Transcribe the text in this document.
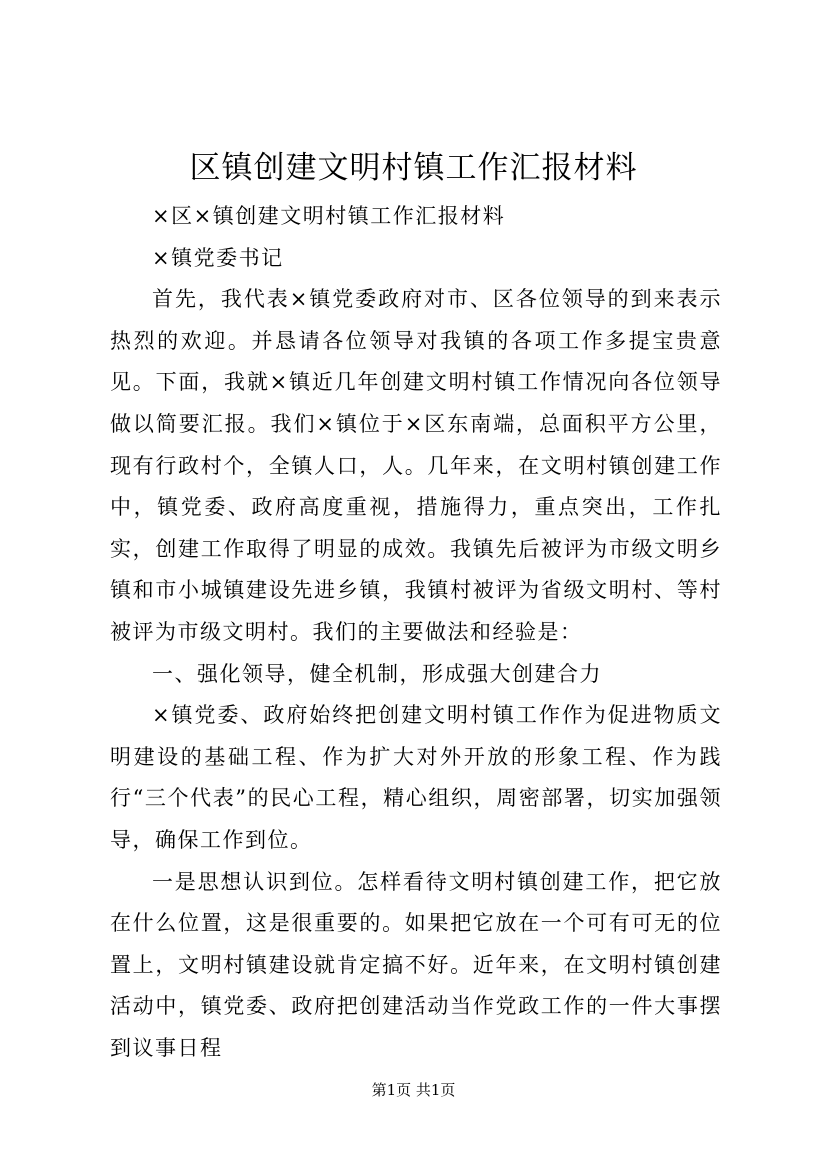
区镇创建文明村镇工作汇报材料

×区×镇创建文明村镇工作汇报材料

×镇党委书记

首先，我代表×镇党委政府对市、区各位领导的到来表示热烈的欢迎。并恳请各位领导对我镇的各项工作多提宝贵意见。下面，我就×镇近几年创建文明村镇工作情况向各位领导做以简要汇报。我们×镇位于×区东南端，总面积平方公里，现有行政村个，全镇人口，人。几年来，在文明村镇创建工作中，镇党委、政府高度重视，措施得力，重点突出，工作扎实，创建工作取得了明显的成效。我镇先后被评为市级文明乡镇和市小城镇建设先进乡镇，我镇村被评为省级文明村、等村被评为市级文明村。我们的主要做法和经验是：

一、强化领导，健全机制，形成强大创建合力

×镇党委、政府始终把创建文明村镇工作作为促进物质文明建设的基础工程、作为扩大对外开放的形象工程、作为践行“三个代表”的民心工程，精心组织，周密部署，切实加强领导，确保工作到位。

一是思想认识到位。怎样看待文明村镇创建工作，把它放在什么位置，这是很重要的。如果把它放在一个可有可无的位置上，文明村镇建设就肯定搞不好。近年来，在文明村镇创建活动中，镇党委、政府把创建活动当作党政工作的一件大事摆到议事日程

第1页 共1页
